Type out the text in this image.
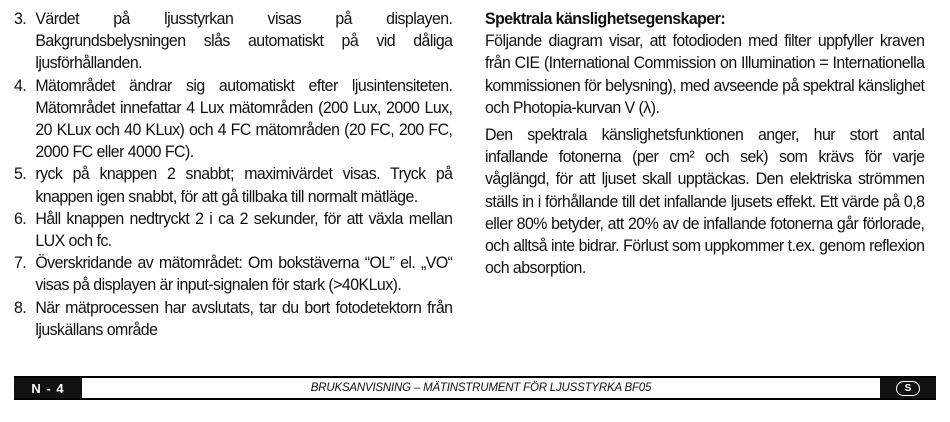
3. Värdet på ljusstyrkan visas på displayen. Bakgrundsbelysningen slås automatiskt på vid dåliga ljusförhållanden.
4. Mätområdet ändrar sig automatiskt efter ljusintensiteten. Mätområdet innefattar 4 Lux mätområden (200 Lux, 2000 Lux, 20 KLux och 40 KLux) och 4 FC mätområden (20 FC, 200 FC, 2000 FC eller 4000 FC).
5. ryck på knappen 2 snabbt; maximivärdet visas. Tryck på knappen igen snabbt, för att gå tillbaka till normalt mätläge.
6. Håll knappen nedtryckt 2 i ca 2 sekunder, för att växla mellan LUX och fc.
7. Överskridande av mätområdet: Om bokstäverna “OL” el. „VO“ visas på displayen är input-signalen för stark (>40KLux).
8. När mätprocessen har avslutats, tar du bort fotodetektorn från ljuskällans område

Spektrala känslighetsegenskaper:

Följande diagram visar, att fotodioden med filter uppfyller kraven från CIE (International Commission on Illumination = Internationella kommissionen för belysning), med avseende på spektral känslighet och Photopia-kurvan V (λ).

Den spektrala känslighetsfunktionen anger, hur stort antal infallande fotonerna (per cm² och sek) som krävs för varje våglängd, för att ljuset skall upptäckas. Den elektriska strömmen ställs in i förhållande till det infallande ljusets effekt. Ett värde på 0,8 eller 80% betyder, att 20% av de infallande fotonerna går förlorade, och alltså inte bidrar. Förlust som uppkommer t.ex. genom reflexion och absorption.

N - 4	BRUKSANVISNING – MÄTINSTRUMENT FÖR LJUSSTYRKA BF05	S
